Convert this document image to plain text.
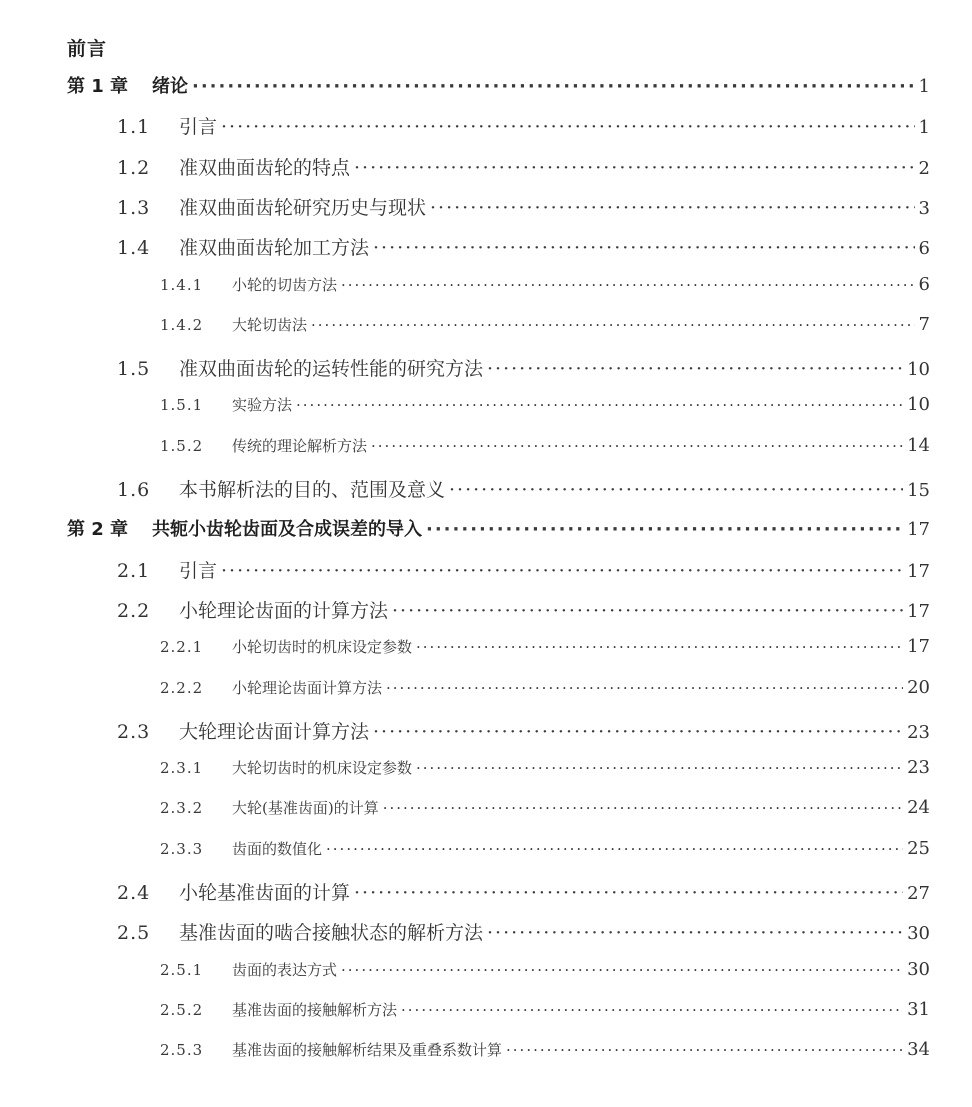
前言
第 1 章	绪论 ·····	1
1.1	引言 ·····	1
1.2	准双曲面齿轮的特点 ·····	2
1.3	准双曲面齿轮研究历史与现状 ·····	3
1.4	准双曲面齿轮加工方法 ·····	6
1.4.1	小轮的切齿方法 ·····	6
1.4.2	大轮切齿法 ·····	7
1.5	准双曲面齿轮的运转性能的研究方法 ·····	10
1.5.1	实验方法 ·····	10
1.5.2	传统的理论解析方法 ·····	14
1.6	本书解析法的目的、范围及意义 ·····	15
第 2 章	共轭小齿轮齿面及合成误差的导入 ·····	17
2.1	引言 ·····	17
2.2	小轮理论齿面的计算方法 ·····	17
2.2.1	小轮切齿时的机床设定参数 ·····	17
2.2.2	小轮理论齿面计算方法 ·····	20
2.3	大轮理论齿面计算方法 ·····	23
2.3.1	大轮切齿时的机床设定参数 ·····	23
2.3.2	大轮(基准齿面)的计算 ·····	24
2.3.3	齿面的数值化 ·····	25
2.4	小轮基准齿面的计算 ·····	27
2.5	基准齿面的啮合接触状态的解析方法 ·····	30
2.5.1	齿面的表达方式 ·····	30
2.5.2	基准齿面的接触解析方法 ·····	31
2.5.3	基准齿面的接触解析结果及重叠系数计算 ·····	34
